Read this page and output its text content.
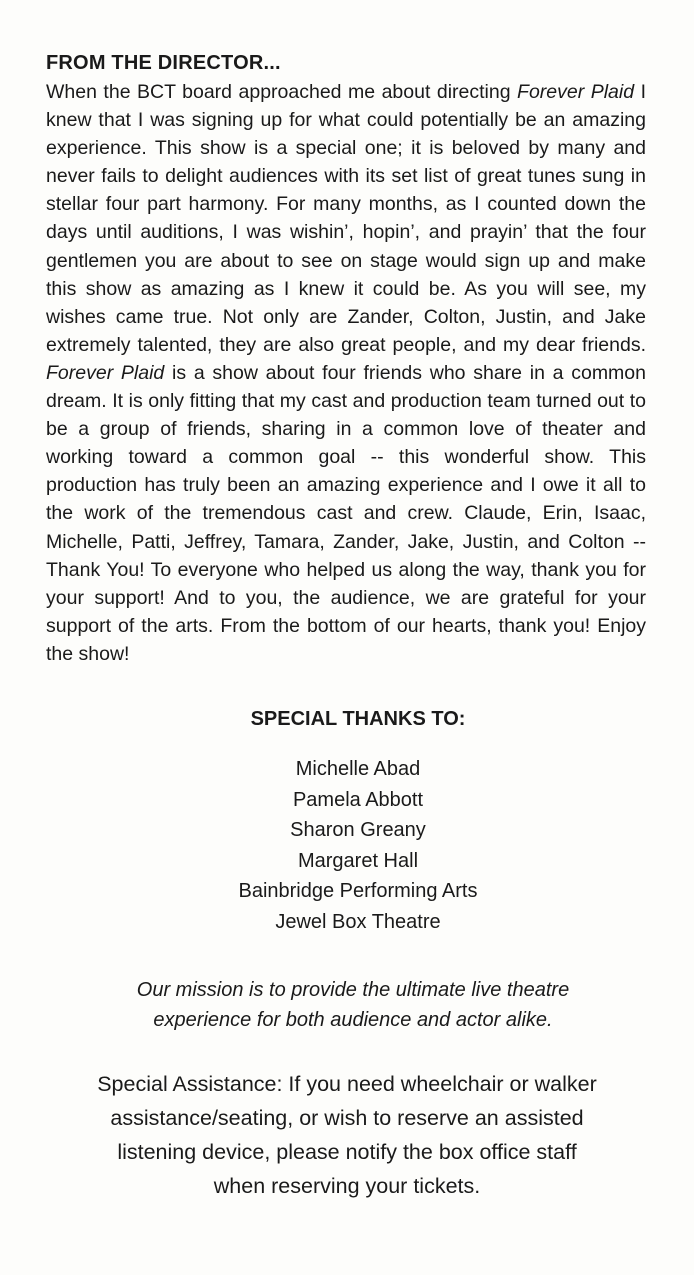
FROM THE DIRECTOR...

When the BCT board approached me about directing Forever Plaid I knew that I was signing up for what could potentially be an amazing experience. This show is a special one; it is beloved by many and never fails to delight audiences with its set list of great tunes sung in stellar four part harmony. For many months, as I counted down the days until auditions, I was wishin’, hopin’, and prayin’ that the four gentlemen you are about to see on stage would sign up and make this show as amazing as I knew it could be. As you will see, my wishes came true. Not only are Zander, Colton, Justin, and Jake extremely talented, they are also great people, and my dear friends. Forever Plaid is a show about four friends who share in a common dream. It is only fitting that my cast and production team turned out to be a group of friends, sharing in a common love of theater and working toward a common goal -- this wonderful show. This production has truly been an amazing experience and I owe it all to the work of the tremendous cast and crew. Claude, Erin, Isaac, Michelle, Patti, Jeffrey, Tamara, Zander, Jake, Justin, and Colton -- Thank You! To everyone who helped us along the way, thank you for your support! And to you, the audience, we are grateful for your support of the arts. From the bottom of our hearts, thank you! Enjoy the show!

SPECIAL THANKS TO:
Michelle Abad
Pamela Abbott
Sharon Greany
Margaret Hall
Bainbridge Performing Arts
Jewel Box Theatre
Our mission is to provide the ultimate live theatre
experience for both audience and actor alike.
Special Assistance: If you need wheelchair or walker
assistance/seating, or wish to reserve an assisted
listening device, please notify the box office staff
when reserving your tickets.
